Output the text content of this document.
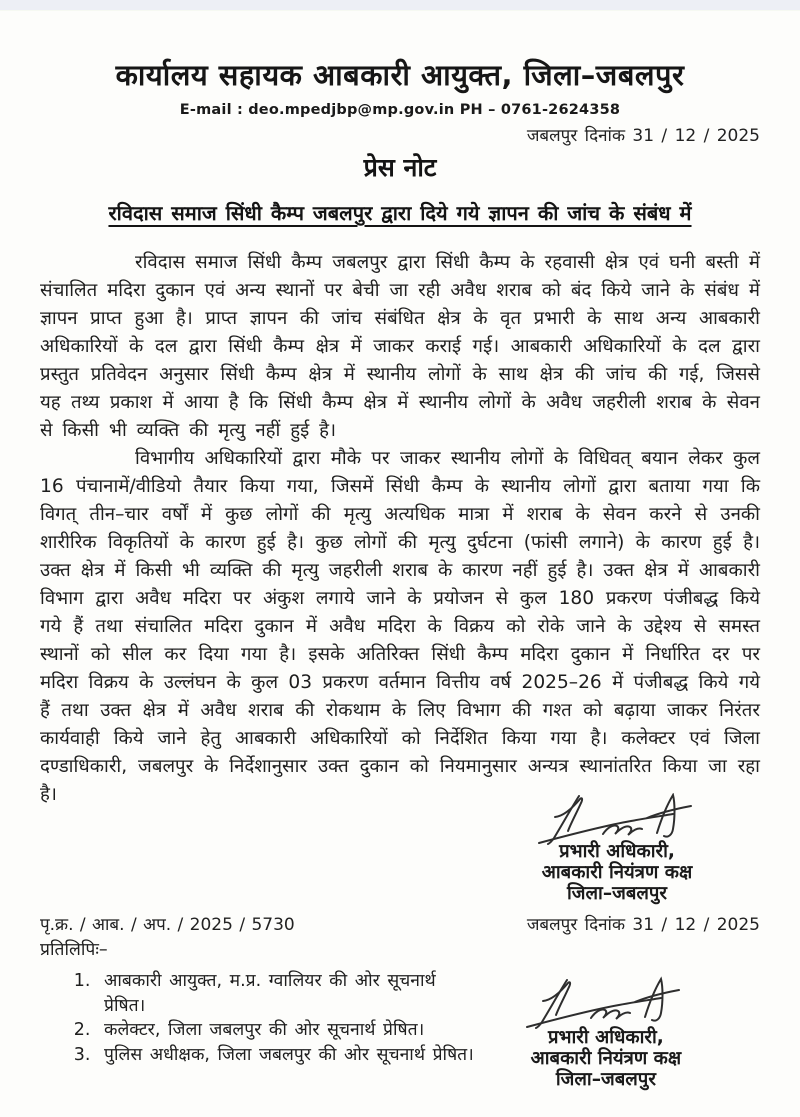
कार्यालय सहायक आबकारी आयुक्त, जिला–जबलपुर
E-mail : deo.mpedjbp@mp.gov.in PH – 0761-2624358
जबलपुर दिनांक 31 / 12 / 2025
प्रेस नोट
रविदास समाज सिंधी कैम्प जबलपुर द्वारा दिये गये ज्ञापन की जांच के संबंध में

रविदास समाज सिंधी कैम्प जबलपुर द्वारा सिंधी कैम्प के रहवासी क्षेत्र एवं घनी बस्ती में संचालित मदिरा दुकान एवं अन्य स्थानों पर बेची जा रही अवैध शराब को बंद किये जाने के संबंध में ज्ञापन प्राप्त हुआ है। प्राप्त ज्ञापन की जांच संबंधित क्षेत्र के वृत प्रभारी के साथ अन्य आबकारी अधिकारियों के दल द्वारा सिंधी कैम्प क्षेत्र में जाकर कराई गई। आबकारी अधिकारियों के दल द्वारा प्रस्तुत प्रतिवेदन अनुसार सिंधी कैम्प क्षेत्र में स्थानीय लोगों के साथ क्षेत्र की जांच की गई, जिससे यह तथ्य प्रकाश में आया है कि सिंधी कैम्प क्षेत्र में स्थानीय लोगों के अवैध जहरीली शराब के सेवन से किसी भी व्यक्ति की मृत्यु नहीं हुई है।

विभागीय अधिकारियों द्वारा मौके पर जाकर स्थानीय लोगों के विधिवत् बयान लेकर कुल 16 पंचानामें/वीडियो तैयार किया गया, जिसमें सिंधी कैम्प के स्थानीय लोगों द्वारा बताया गया कि विगत् तीन–चार वर्षों में कुछ लोगों की मृत्यु अत्यधिक मात्रा में शराब के सेवन करने से उनकी शारीरिक विकृतियों के कारण हुई है। कुछ लोगों की मृत्यु दुर्घटना (फांसी लगाने) के कारण हुई है। उक्त क्षेत्र में किसी भी व्यक्ति की मृत्यु जहरीली शराब के कारण नहीं हुई है। उक्त क्षेत्र में आबकारी विभाग द्वारा अवैध मदिरा पर अंकुश लगाये जाने के प्रयोजन से कुल 180 प्रकरण पंजीबद्ध किये गये हैं तथा संचालित मदिरा दुकान में अवैध मदिरा के विक्रय को रोके जाने के उद्देश्य से समस्त स्थानों को सील कर दिया गया है। इसके अतिरिक्त सिंधी कैम्प मदिरा दुकान में निर्धारित दर पर मदिरा विक्रय के उल्लंघन के कुल 03 प्रकरण वर्तमान वित्तीय वर्ष 2025–26 में पंजीबद्ध किये गये हैं तथा उक्त क्षेत्र में अवैध शराब की रोकथाम के लिए विभाग की गश्त को बढ़ाया जाकर निरंतर कार्यवाही किये जाने हेतु आबकारी अधिकारियों को निर्देशित किया गया है। कलेक्टर एवं जिला दण्डाधिकारी, जबलपुर के निर्देशानुसार उक्त दुकान को नियमानुसार अन्यत्र स्थानांतरित किया जा रहा है।

प्रभारी अधिकारी,
आबकारी नियंत्रण कक्ष
जिला–जबलपुर
पृ.क्र. / आब. / अप. / 2025 / 5730	जबलपुर दिनांक 31 / 12 / 2025
प्रतिलिपिः–
1. आबकारी आयुक्त, म.प्र. ग्वालियर की ओर सूचनार्थ प्रेषित।
2. कलेक्टर, जिला जबलपुर की ओर सूचनार्थ प्रेषित।
3. पुलिस अधीक्षक, जिला जबलपुर की ओर सूचनार्थ प्रेषित।
प्रभारी अधिकारी,
आबकारी नियंत्रण कक्ष
जिला–जबलपुर
